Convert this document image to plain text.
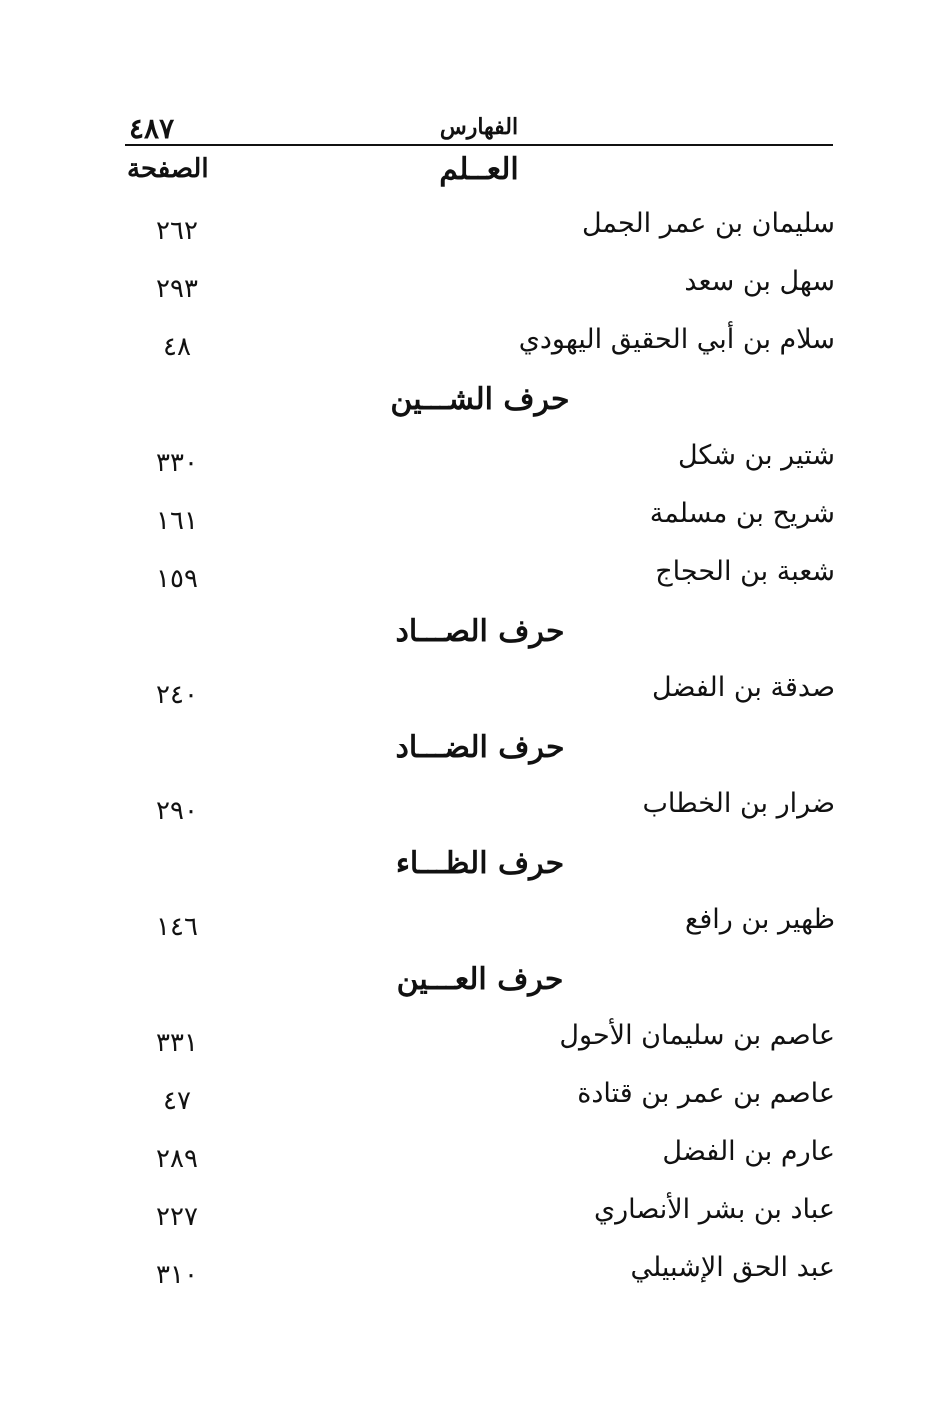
٤٨٧	الفهارس
العــلم
الصفحة
سليمان بن عمر الجمل
٢٦٢
سهل بن سعد
٢٩٣
سلام بن أبي الحقيق اليهودي
٤٨
حرف الشـــين
شتير بن شكل
٣٣٠
شريح بن مسلمة
١٦١
شعبة بن الحجاج
١٥٩
حرف الصـــاد
صدقة بن الفضل
٢٤٠
حرف الضـــاد
ضرار بن الخطاب
٢٩٠
حرف الظـــاء
ظهير بن رافع
١٤٦
حرف العـــين
عاصم بن سليمان الأحول
٣٣١
عاصم بن عمر بن قتادة
٤٧
عارم بن الفضل
٢٨٩
عباد بن بشر الأنصاري
٢٢٧
عبد الحق الإشبيلي
٣١٠
